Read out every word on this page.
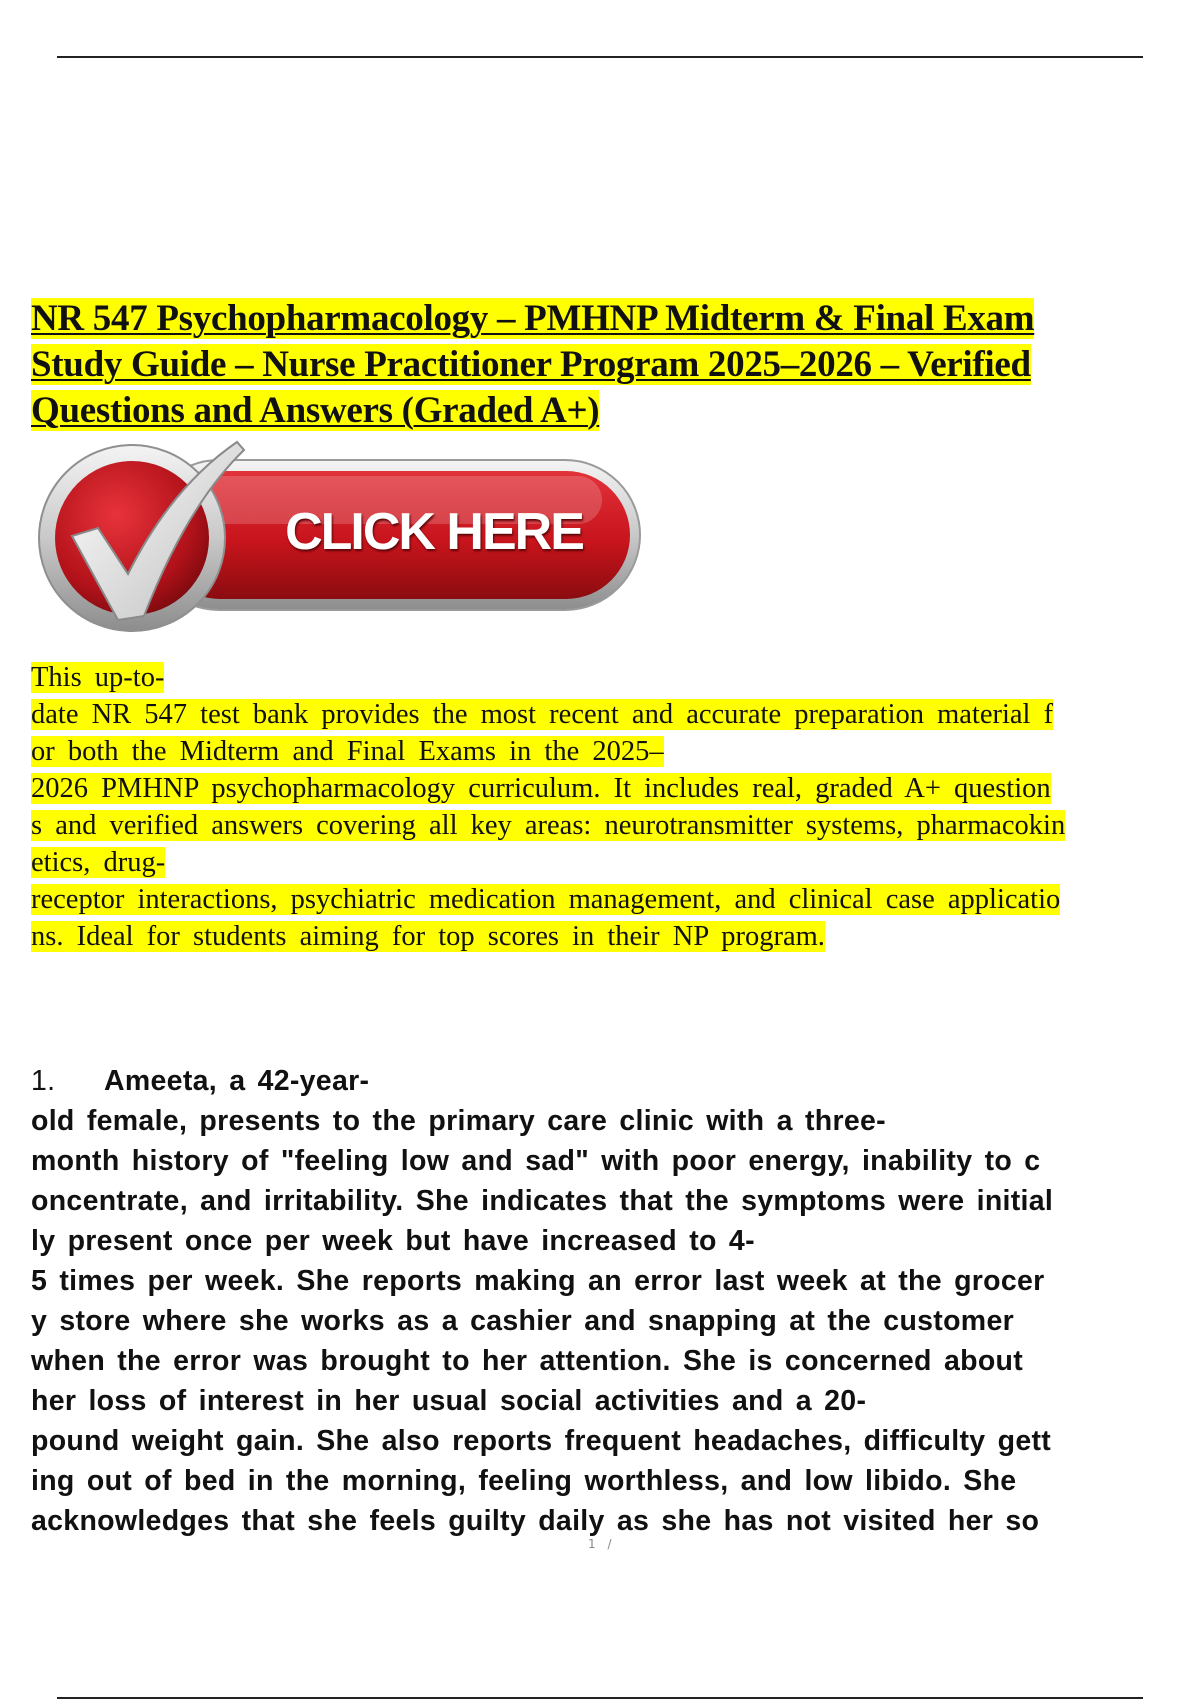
NR 547 Psychopharmacology – PMHNP Midterm & Final Exam
Study Guide – Nurse Practitioner Program 2025–2026 – Verified
Questions and Answers (Graded A+)
CLICK HERE
This up-to-
date NR 547 test bank provides the most recent and accurate preparation material f
or both the Midterm and Final Exams in the 2025–
2026 PMHNP psychopharmacology curriculum. It includes real, graded A+ question
s and verified answers covering all key areas: neurotransmitter systems, pharmacokin
etics, drug-
receptor interactions, psychiatric medication management, and clinical case applicatio
ns. Ideal for students aiming for top scores in their NP program.
1. Ameeta, a 42-year-
old female, presents to the primary care clinic with a three-
month history of "feeling low and sad" with poor energy, inability to c
oncentrate, and irritability. She indicates that the symptoms were initial
ly present once per week but have increased to 4-
5 times per week. She reports making an error last week at the grocer
y store where she works as a cashier and snapping at the customer
when the error was brought to her attention. She is concerned about
her loss of interest in her usual social activities and a 20-
pound weight gain. She also reports frequent headaches, difficulty gett
ing out of bed in the morning, feeling worthless, and low libido. She
acknowledges that she feels guilty daily as she has not visited her so
1 /
